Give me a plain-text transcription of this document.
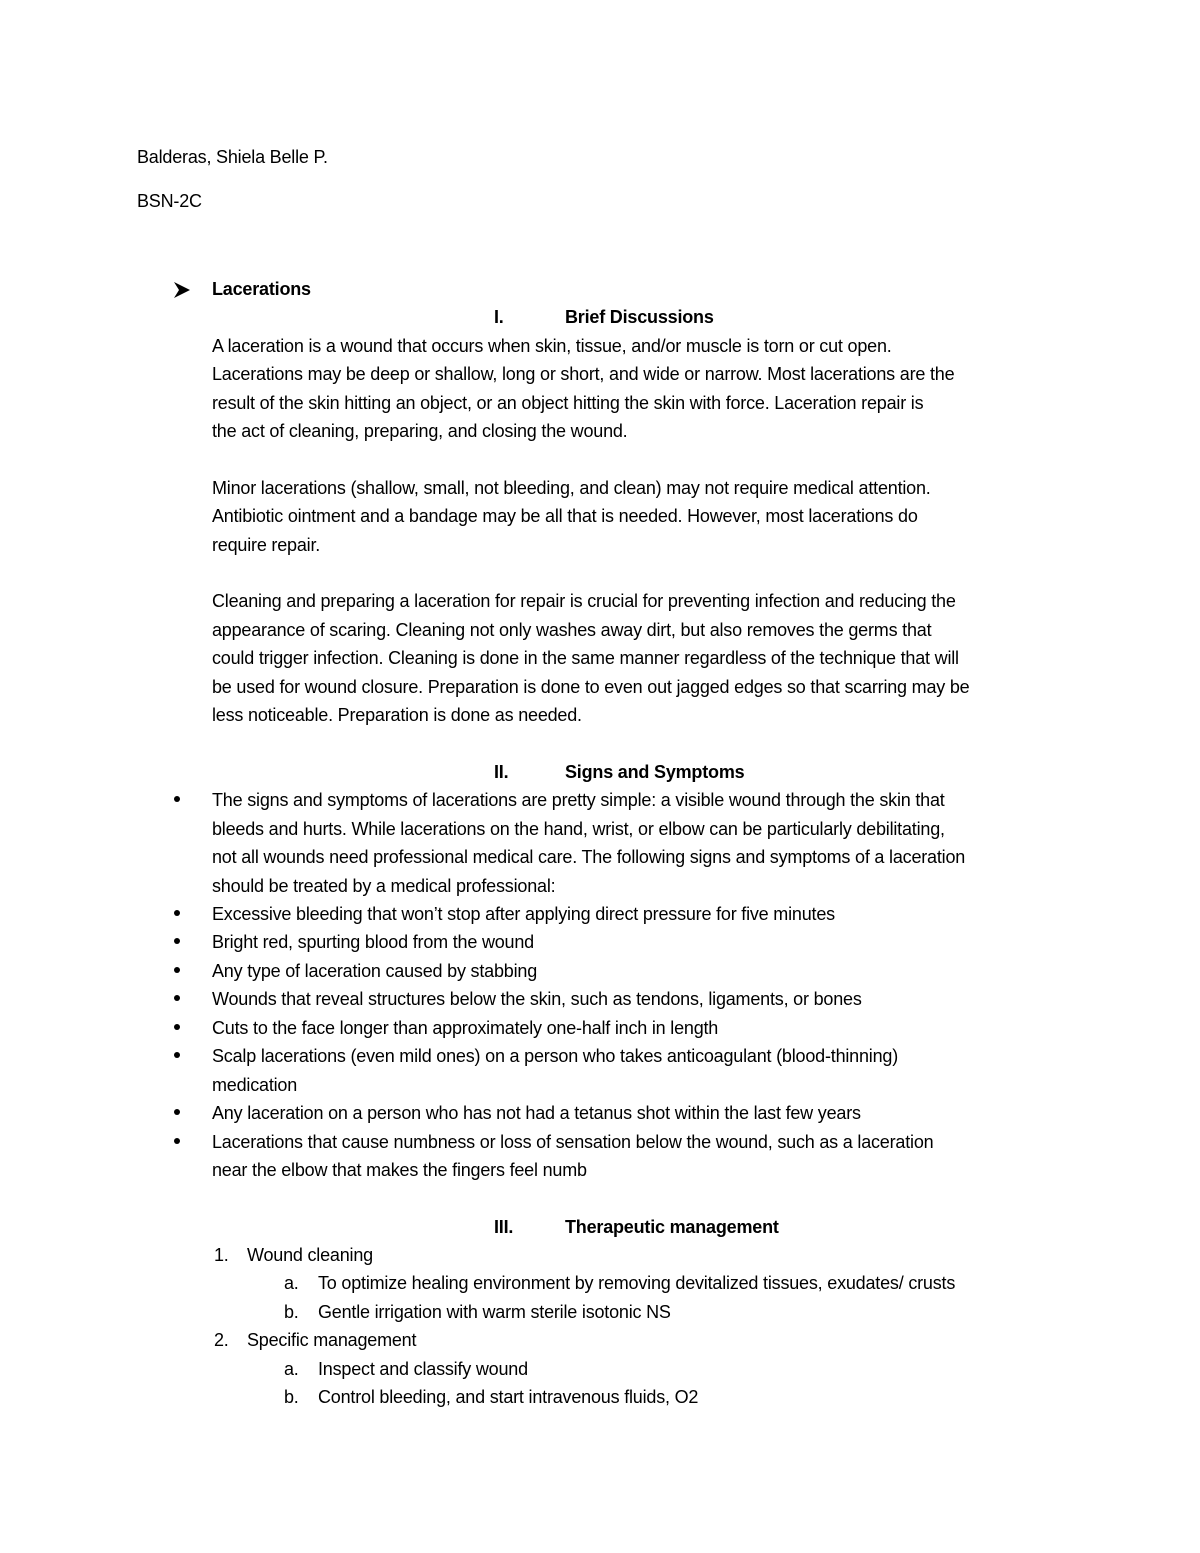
Balderas, Shiela Belle P.
BSN-2C
Lacerations
I.	Brief Discussions
A laceration is a wound that occurs when skin, tissue, and/or muscle is torn or cut open.
Lacerations may be deep or shallow, long or short, and wide or narrow. Most lacerations are the
result of the skin hitting an object, or an object hitting the skin with force. Laceration repair is
the act of cleaning, preparing, and closing the wound.
Minor lacerations (shallow, small, not bleeding, and clean) may not require medical attention.
Antibiotic ointment and a bandage may be all that is needed. However, most lacerations do
require repair.
Cleaning and preparing a laceration for repair is crucial for preventing infection and reducing the
appearance of scaring. Cleaning not only washes away dirt, but also removes the germs that
could trigger infection. Cleaning is done in the same manner regardless of the technique that will
be used for wound closure. Preparation is done to even out jagged edges so that scarring may be
less noticeable. Preparation is done as needed.
II.	Signs and Symptoms
The signs and symptoms of lacerations are pretty simple: a visible wound through the skin that
bleeds and hurts. While lacerations on the hand, wrist, or elbow can be particularly debilitating,
not all wounds need professional medical care. The following signs and symptoms of a laceration
should be treated by a medical professional:
Excessive bleeding that won’t stop after applying direct pressure for five minutes
Bright red, spurting blood from the wound
Any type of laceration caused by stabbing
Wounds that reveal structures below the skin, such as tendons, ligaments, or bones
Cuts to the face longer than approximately one-half inch in length
Scalp lacerations (even mild ones) on a person who takes anticoagulant (blood-thinning)
medication
Any laceration on a person who has not had a tetanus shot within the last few years
Lacerations that cause numbness or loss of sensation below the wound, such as a laceration
near the elbow that makes the fingers feel numb
III.	Therapeutic management
1. Wound cleaning
a. To optimize healing environment by removing devitalized tissues, exudates/ crusts
b. Gentle irrigation with warm sterile isotonic NS
2. Specific management
a. Inspect and classify wound
b. Control bleeding, and start intravenous fluids, O2
